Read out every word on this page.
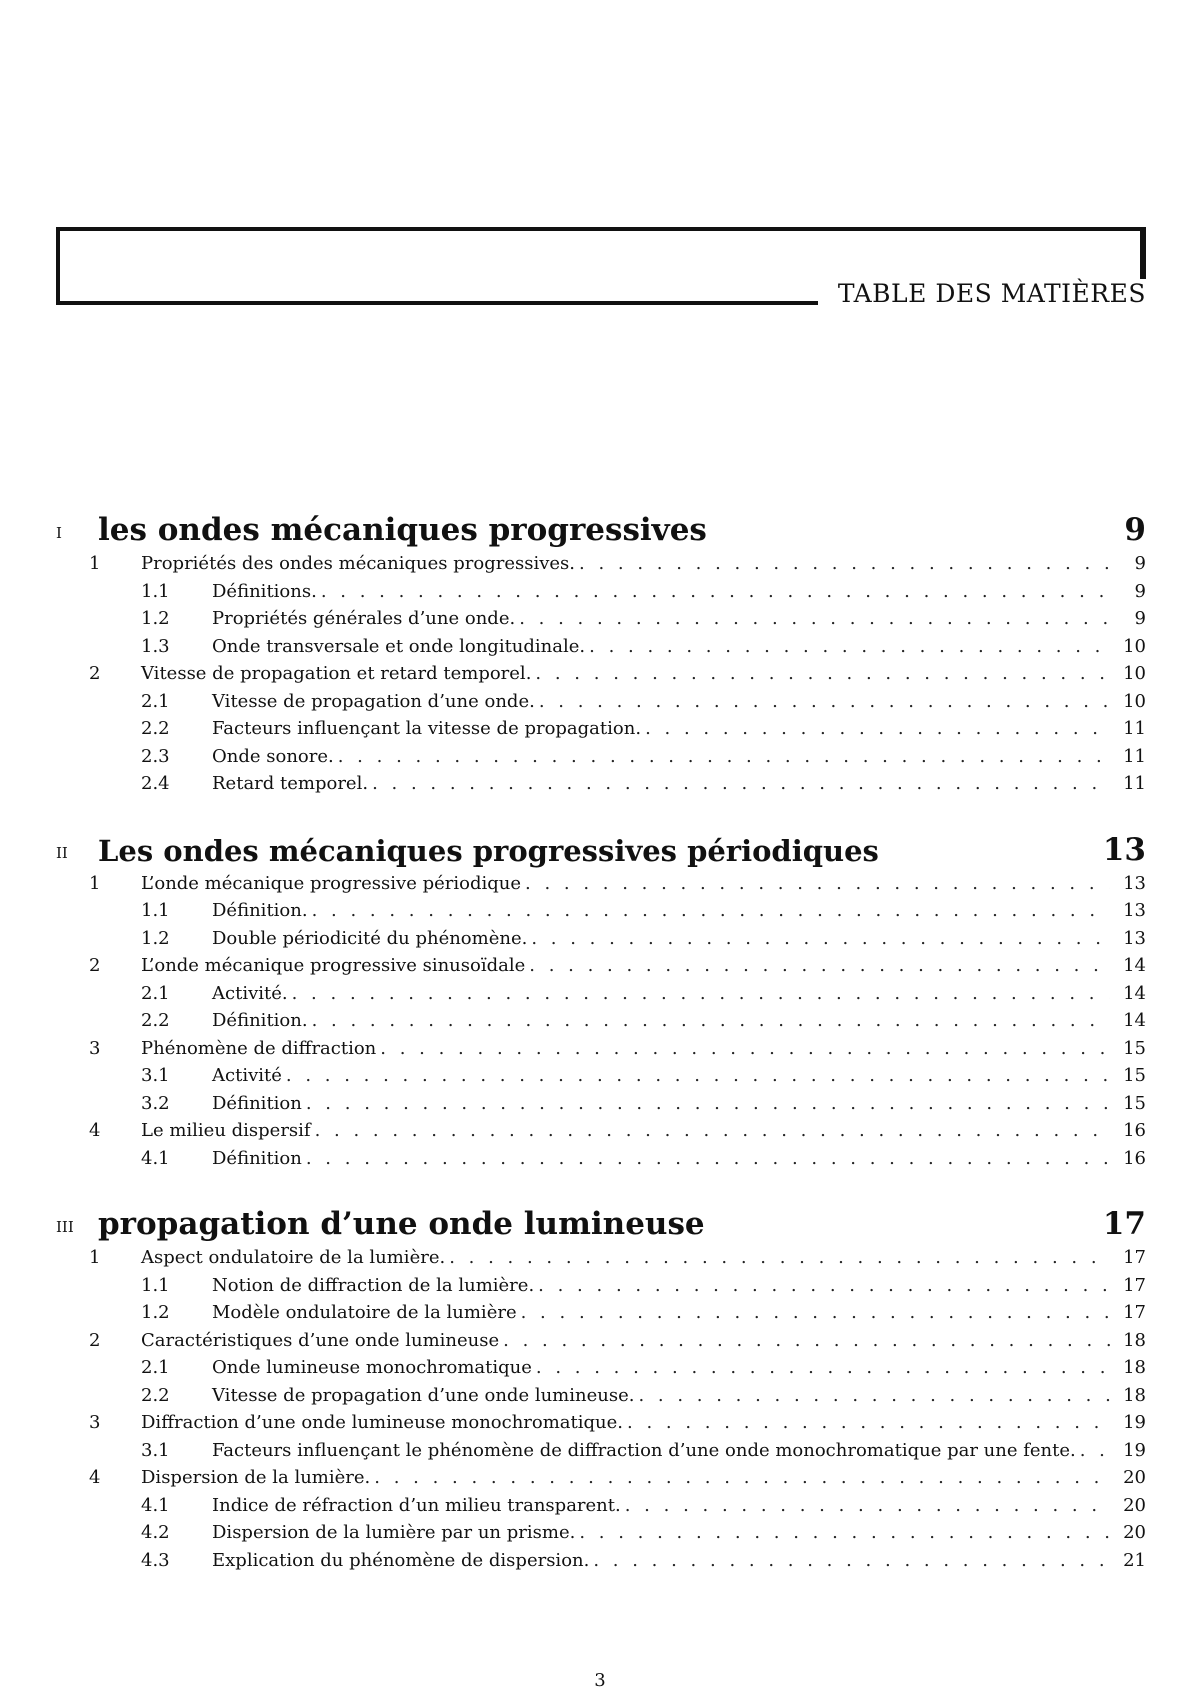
TABLE DES MATIÈRES
i les ondes mécaniques progressives	9
1 Propriétés des ondes mécaniques progressives. . . .	9
1.1 Définitions. . . .	9
1.2 Propriétés générales d’une onde. . . .	9
1.3 Onde transversale et onde longitudinale. . . .	10
2 Vitesse de propagation et retard temporel. . . .	10
2.1 Vitesse de propagation d’une onde. . . .	10
2.2 Facteurs influençant la vitesse de propagation. . . .	11
2.3 Onde sonore. . . .	11
2.4 Retard temporel. . . .	11
ii Les ondes mécaniques progressives périodiques	13
1 L’onde mécanique progressive périodique . . .	13
1.1 Définition. . . .	13
1.2 Double périodicité du phénomène. . . .	13
2 L’onde mécanique progressive sinusoïdale . . .	14
2.1 Activité. . . .	14
2.2 Définition. . . .	14
3 Phénomène de diffraction . . .	15
3.1 Activité . . .	15
3.2 Définition . . .	15
4 Le milieu dispersif . . .	16
4.1 Définition . . .	16
iii propagation d’une onde lumineuse	17
1 Aspect ondulatoire de la lumière. . . .	17
1.1 Notion de diffraction de la lumière. . . .	17
1.2 Modèle ondulatoire de la lumière . . .	17
2 Caractéristiques d’une onde lumineuse . . .	18
2.1 Onde lumineuse monochromatique . . .	18
2.2 Vitesse de propagation d’une onde lumineuse. . . .	18
3 Diffraction d’une onde lumineuse monochromatique. . . .	19
3.1 Facteurs influençant le phénomène de diffraction d’une onde monochromatique par une fente. . . .	19
4 Dispersion de la lumière. . . .	20
4.1 Indice de réfraction d’un milieu transparent. . . .	20
4.2 Dispersion de la lumière par un prisme. . . .	20
4.3 Explication du phénomène de dispersion. . . .	21
3
